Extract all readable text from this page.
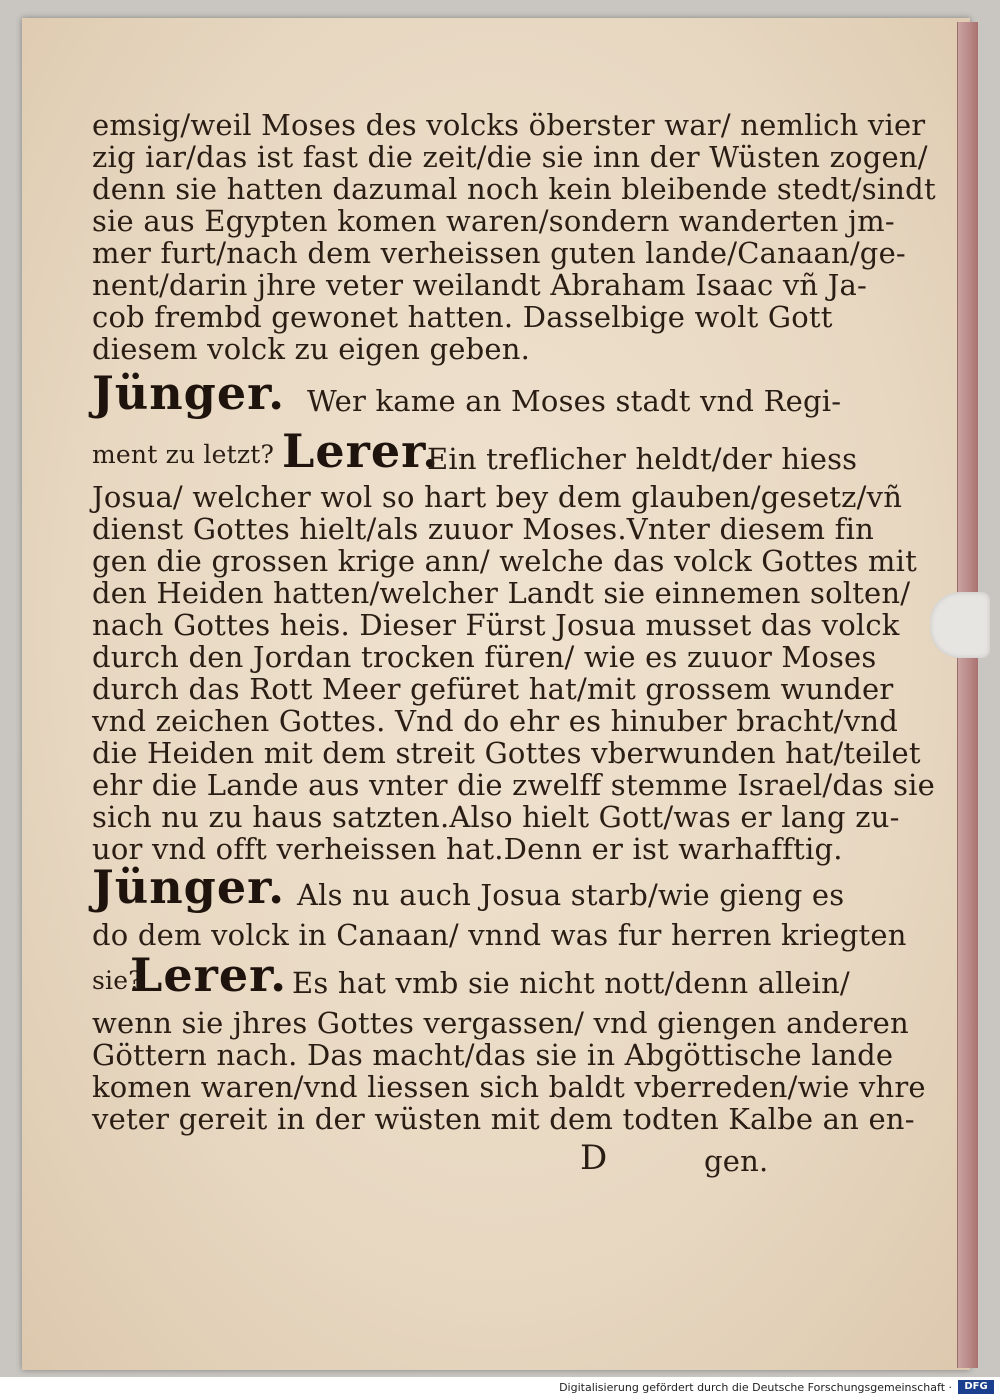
emsig/weil Moses des volcks öberster war/ nemlich vier
zig iar/das ist fast die zeit/die sie inn der Wüsten zogen/
denn sie hatten dazumal noch kein bleibende stedt/sindt
sie aus Egypten komen waren/sondern wanderten jm-
mer furt/nach dem verheissen guten lande/Canaan/ge-
nent/darin jhre veter weilandt Abraham Isaac vñ Ja-
cob frembd gewonet hatten. Dasselbige wolt Gott
diesem volck zu eigen geben.
Jünger. Wer kame an Moses stadt vnd Regi-
ment zu letzt? Lerer.
Ein treflicher heldt/der hiess
Josua/ welcher wol so hart bey dem glauben/gesetz/vñ
dienst Gottes hielt/als zuuor Moses.Vnter diesem fin
gen die grossen krige ann/ welche das volck Gottes mit
den Heiden hatten/welcher Landt sie einnemen solten/
nach Gottes heis. Dieser Fürst Josua musset das volck
durch den Jordan trocken füren/ wie es zuuor Moses
durch das Rott Meer gefüret hat/mit grossem wunder
vnd zeichen Gottes. Vnd do ehr es hinuber bracht/vnd
die Heiden mit dem streit Gottes vberwunden hat/teilet
ehr die Lande aus vnter die zwelff stemme Israel/das sie
sich nu zu haus satzten.Also hielt Gott/was er lang zu-
uor vnd offt verheissen hat.Denn er ist warhafftig.
Jünger. Als nu auch Josua starb/wie gieng es
do dem volck in Canaan/ vnnd was fur herren kriegten
sie?
Lerer. Es hat vmb sie nicht nott/denn allein/
wenn sie jhres Gottes vergassen/ vnd giengen anderen
Göttern nach. Das macht/das sie in Abgöttische lande
komen waren/vnd liessen sich baldt vberreden/wie vhre
veter gereit in der wüsten mit dem todten Kalbe an en-
D	gen.
Digitalisierung gefördert durch die Deutsche Forschungsgemeinschaft ·	DFG
